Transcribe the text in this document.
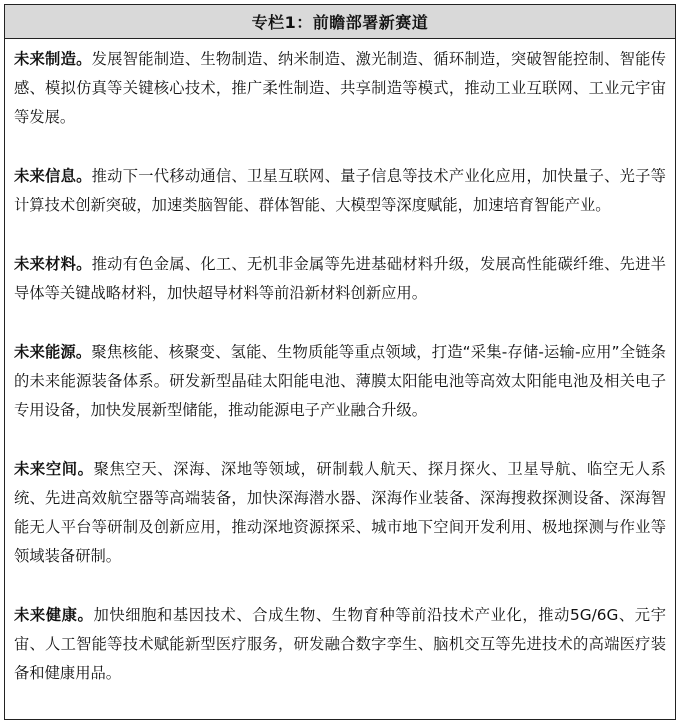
专栏1：前瞻部署新赛道

未来制造。发展智能制造、生物制造、纳米制造、激光制造、循环制造，突破智能控制、智能传感、模拟仿真等关键核心技术，推广柔性制造、共享制造等模式，推动工业互联网、工业元宇宙等发展。

未来信息。推动下一代移动通信、卫星互联网、量子信息等技术产业化应用，加快量子、光子等计算技术创新突破，加速类脑智能、群体智能、大模型等深度赋能，加速培育智能产业。

未来材料。推动有色金属、化工、无机非金属等先进基础材料升级，发展高性能碳纤维、先进半导体等关键战略材料，加快超导材料等前沿新材料创新应用。

未来能源。聚焦核能、核聚变、氢能、生物质能等重点领域，打造“采集-存储-运输-应用”全链条的未来能源装备体系。研发新型晶硅太阳能电池、薄膜太阳能电池等高效太阳能电池及相关电子专用设备，加快发展新型储能，推动能源电子产业融合升级。

未来空间。聚焦空天、深海、深地等领域，研制载人航天、探月探火、卫星导航、临空无人系统、先进高效航空器等高端装备，加快深海潜水器、深海作业装备、深海搜救探测设备、深海智能无人平台等研制及创新应用，推动深地资源探采、城市地下空间开发利用、极地探测与作业等领域装备研制。

未来健康。加快细胞和基因技术、合成生物、生物育种等前沿技术产业化，推动5G/6G、元宇宙、人工智能等技术赋能新型医疗服务，研发融合数字孪生、脑机交互等先进技术的高端医疗装备和健康用品。
